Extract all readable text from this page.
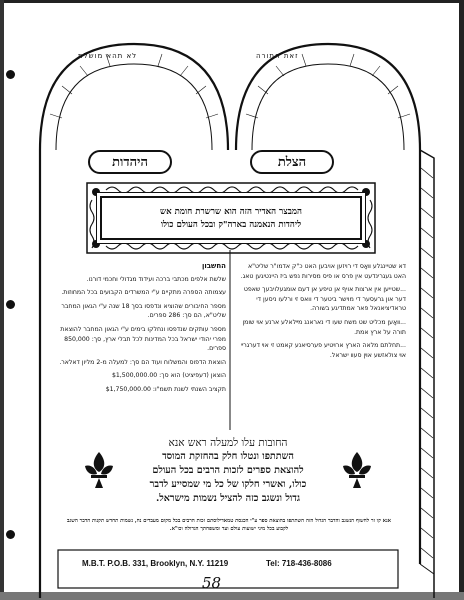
זאת התורה
לא תהא מושלת
הצלת
היהדות
המבצר האדיר הזה הוא שרשרת חומת אש
ליהדות הנאמנה בארה"ק ובכל העולם כולו

דא שטיינגלע װאָס די רויזען אויבען האט כ"ק אדמו"ר שליט"א האט געגרינדעט אין פרס או פיס מסירות נפש ביז היינטיגען טאג.

...שטייען אין ארצות אויף אן טיפע אן דעם אומגעלויבעך שאפט דער און גרעסער די מוישר ביטער די וואס זי ורלעו ניסען די טראדיציאנאל פאר אמתדיגע בשורה.

...װאָען מכליט שט משח שעו די נאראנג מײלאלע ארנע אױ שומן תורה על ארץ אמת.

...תחלתם מלאה הארץ ארױטיע פערסיאנע קאמט זי אױ דערגרײ אױ צולאזשע אױן סעװ ישראל.

החשבון

שלשת אלפים מכתבי ברכה ועידוד מגדולי וחכמי דורנו.

עצמותה הספרה מתקיים ע"י המשרדים הקבועים בכל המחוזות.

מספר החיבורים שהוציא ונדפסו בסך 18 שנה ע"י הגאון המחבר שליט"א, הם סך: 286 ספרים.

מספר עותקים שנדפסו ונחלקו בימים ע"י הגאון המחבר להוצאת מפרי יהודי ישראל בכל המדינות לכל תבלי ארץ, סך: 850,000 ספרים.

הוצאת הדפוס והמשלוח ועוד הם סך: למעלה מ-2 מליון דאלאר.

הוצאן (דעפיציט) הוא סך: $1,500,000.00

תקציב השנתי לשנת תשמ"ו: $1,750,000.00

החובות עלו למעלה ראש אנא
השתתפו ונטלו חלק בהחזקת המוסד
להוצאת ספרים לזכות הרבים בכל העולם
כולו, ואשרי חלקו של כל מי שמסייע לדבר
גדול ונשגב כזה להציל נשמות מישראל.
אנא קו זר לחשוף הנשגב והדבר הגדול הזה השתתפו בהוצאת ספר ע"י הכנסת טמאדילוסתם זכות הרבים בכל מקום מעבדים נח, נשמות תחדש תקנות הדבר השגב לקבוע בכל מיני ישועות עולם ועד ומשפחתך הגדולה וכו"א.
M.B.T. P.O.B. 331, Brooklyn, N.Y. 11219	Tel: 718-436-8086
58
